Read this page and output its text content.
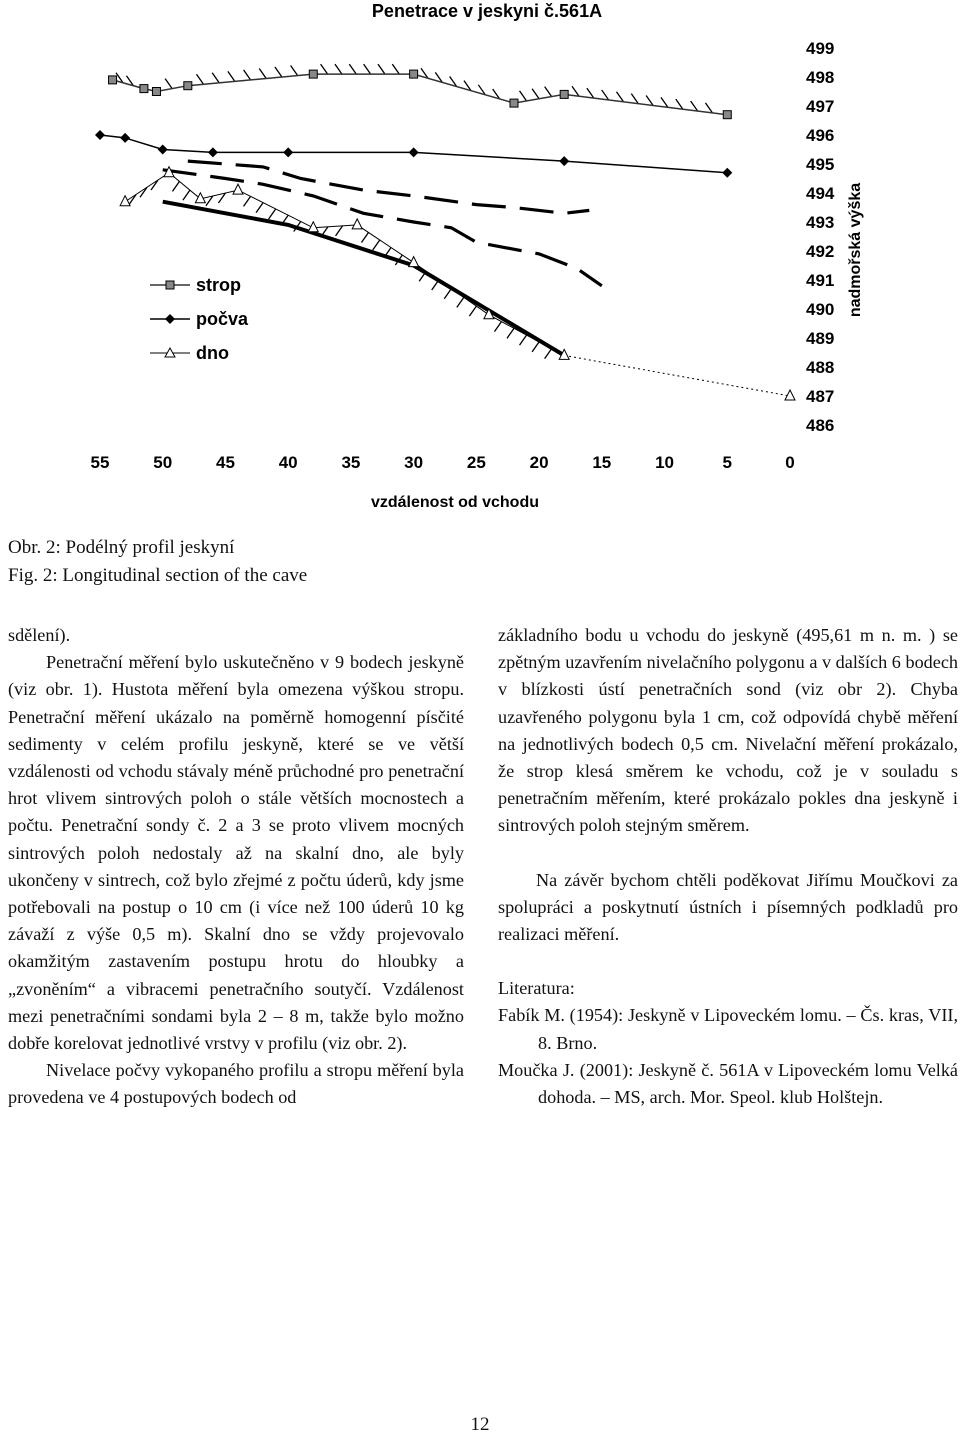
Penetrace v jeskyni č.561A
55	50	45	40	35	30	25	20	15	10	5	0
499
498
497
496
495
494
493
492
491
490
489
488
487
486
vzdálenost od vchodu
nadmořská výška
strop
počva
dno
Obr. 2: Podélný profil jeskyní
Fig. 2: Longitudinal section of the cave

sdělení).

Penetrační měření bylo uskutečněno v 9 bodech jeskyně (viz obr. 1). Hustota měření byla omezena výškou stropu. Penetrační měření ukázalo na poměrně homogenní písčité sedimenty v celém profilu jeskyně, které se ve větší vzdálenosti od vchodu stávaly méně průchodné pro penetrační hrot vlivem sintrových poloh o stále větších mocnostech a počtu. Penetrační sondy č. 2 a 3 se proto vlivem mocných sintrových poloh nedostaly až na skalní dno, ale byly ukončeny v sintrech, což bylo zřejmé z počtu úderů, kdy jsme potřebovali na postup o 10 cm (i více než 100 úderů 10 kg závaží z výše 0,5 m). Skalní dno se vždy projevovalo okamžitým zastavením postupu hrotu do hloubky a „zvoněním“ a vibracemi penetračního soutyčí. Vzdálenost mezi penetračními sondami byla 2 – 8 m, takže bylo možno dobře korelovat jednotlivé vrstvy v profilu (viz obr. 2).

Nivelace počvy vykopaného profilu a stropu měření byla provedena ve 4 postupových bodech od

základního bodu u vchodu do jeskyně (495,61 m n. m. ) se zpětným uzavřením nivelačního polygonu a v dalších 6 bodech v blízkosti ústí penetračních sond (viz obr 2). Chyba uzavřeného polygonu byla 1 cm, což odpovídá chybě měření na jednotlivých bodech 0,5 cm. Nivelační měření prokázalo, že strop klesá směrem ke vchodu, což je v souladu s penetračním měřením, které prokázalo pokles dna jeskyně i sintrových poloh stejným směrem.

Na závěr bychom chtěli poděkovat Jiřímu Moučkovi za spolupráci a poskytnutí ústních i písemných podkladů pro realizaci měření.

Literatura:

Fabík M. (1954): Jeskyně v Lipoveckém lomu. – Čs. kras, VII, 8. Brno.

Moučka J. (2001): Jeskyně č. 561A v Lipoveckém lomu Velká dohoda. – MS, arch. Mor. Speol. klub Holštejn.

12
